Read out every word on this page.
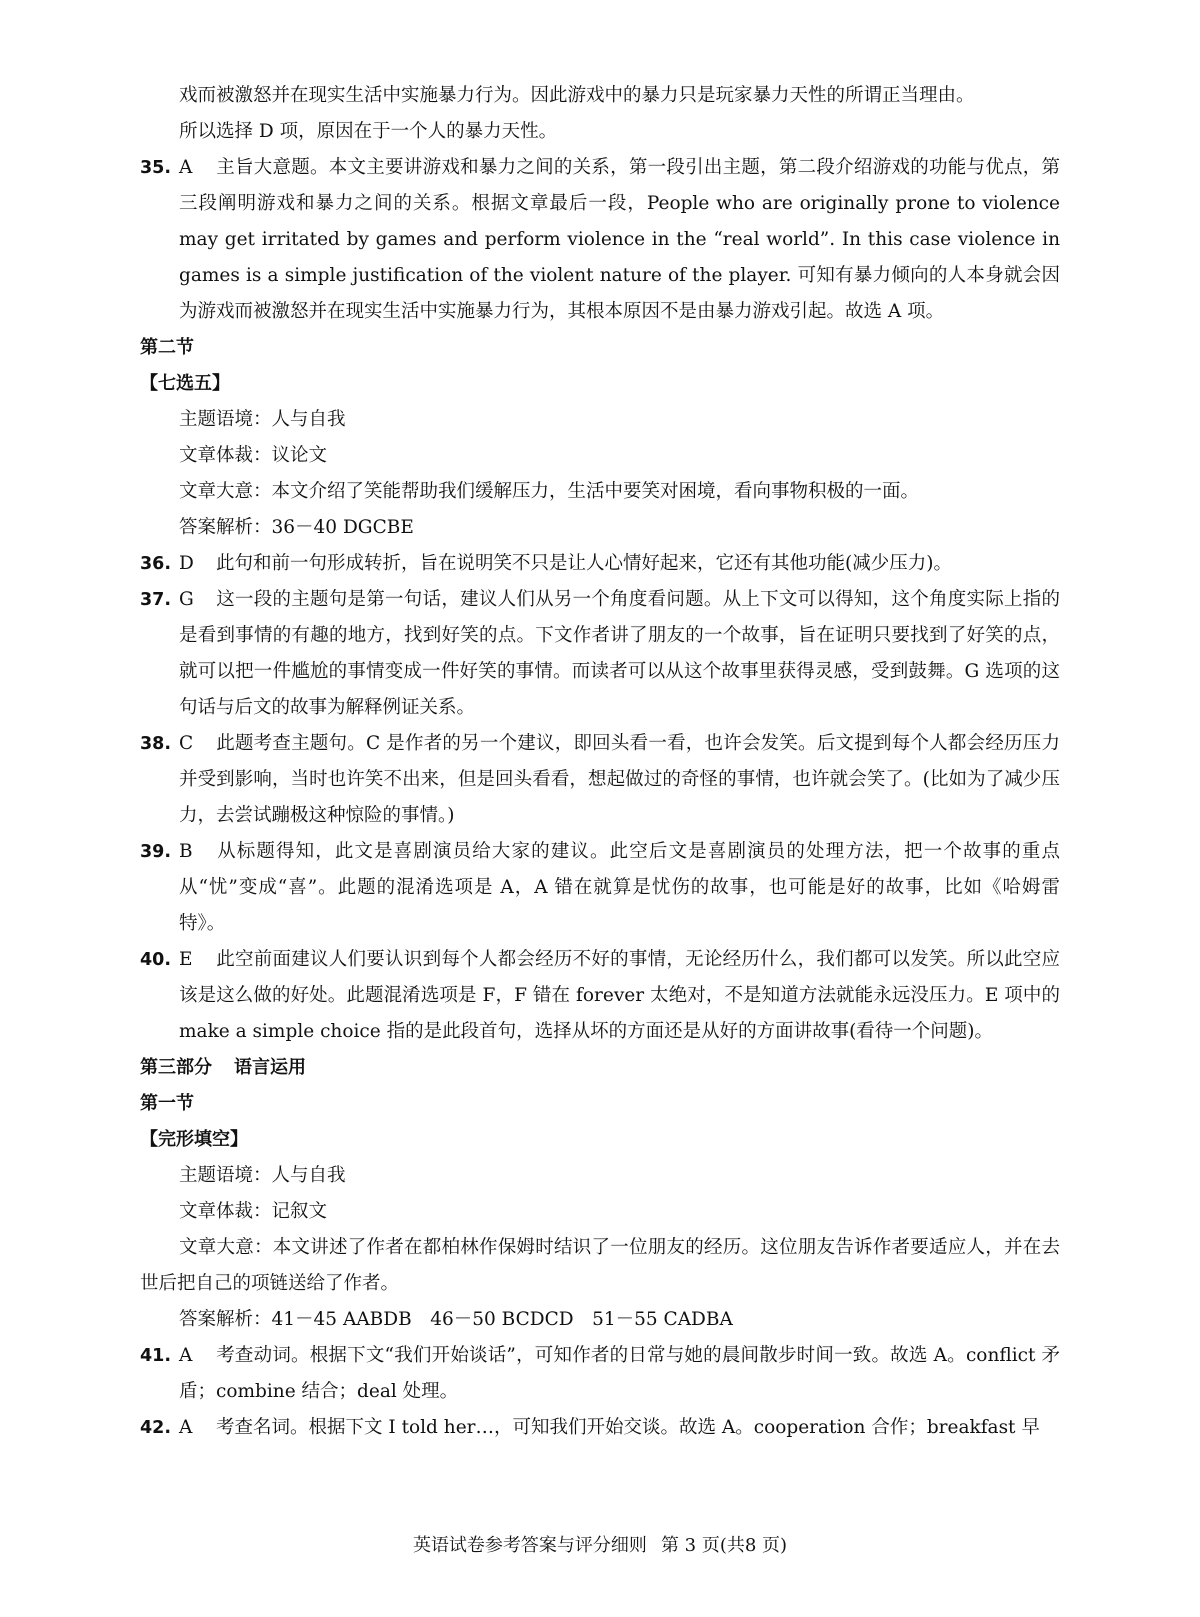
戏而被激怒并在现实生活中实施暴力行为。因此游戏中的暴力只是玩家暴力天性的所谓正当理由。

所以选择 D 项，原因在于一个人的暴力天性。

35. A 主旨大意题。本文主要讲游戏和暴力之间的关系，第一段引出主题，第二段介绍游戏的功能与优点，第三段阐明游戏和暴力之间的关系。根据文章最后一段，People who are originally prone to violence may get irritated by games and perform violence in the “real world”. In this case violence in games is a simple justification of the violent nature of the player. 可知有暴力倾向的人本身就会因为游戏而被激怒并在现实生活中实施暴力行为，其根本原因不是由暴力游戏引起。故选 A 项。

第二节

【七选五】

主题语境：人与自我

文章体裁：议论文

文章大意：本文介绍了笑能帮助我们缓解压力，生活中要笑对困境，看向事物积极的一面。

答案解析：36－40 DGCBE

36. D 此句和前一句形成转折，旨在说明笑不只是让人心情好起来，它还有其他功能(减少压力)。
37. G 这一段的主题句是第一句话，建议人们从另一个角度看问题。从上下文可以得知，这个角度实际上指的是看到事情的有趣的地方，找到好笑的点。下文作者讲了朋友的一个故事，旨在证明只要找到了好笑的点，就可以把一件尴尬的事情变成一件好笑的事情。而读者可以从这个故事里获得灵感，受到鼓舞。G 选项的这句话与后文的故事为解释例证关系。
38. C 此题考查主题句。C 是作者的另一个建议，即回头看一看，也许会发笑。后文提到每个人都会经历压力并受到影响，当时也许笑不出来，但是回头看看，想起做过的奇怪的事情，也许就会笑了。(比如为了减少压力，去尝试蹦极这种惊险的事情。)
39. B 从标题得知，此文是喜剧演员给大家的建议。此空后文是喜剧演员的处理方法，把一个故事的重点从“忧”变成“喜”。此题的混淆选项是 A，A 错在就算是忧伤的故事，也可能是好的故事，比如《哈姆雷特》。
40. E 此空前面建议人们要认识到每个人都会经历不好的事情，无论经历什么，我们都可以发笑。所以此空应该是这么做的好处。此题混淆选项是 F，F 错在 forever 太绝对，不是知道方法就能永远没压力。E 项中的 make a simple choice 指的是此段首句，选择从坏的方面还是从好的方面讲故事(看待一个问题)。

第三部分 语言运用

第一节

【完形填空】

主题语境：人与自我

文章体裁：记叙文

文章大意：本文讲述了作者在都柏林作保姆时结识了一位朋友的经历。这位朋友告诉作者要适应人，并在去世后把自己的项链送给了作者。

答案解析：41－45 AABDB　46－50 BCDCD　51－55 CADBA

41. A 考查动词。根据下文“我们开始谈话”，可知作者的日常与她的晨间散步时间一致。故选 A。conflict 矛盾；combine 结合；deal 处理。
42. A 考查名词。根据下文 I told her…，可知我们开始交谈。故选 A。cooperation 合作；breakfast 早
英语试卷参考答案与评分细则 第 3 页(共8 页)
